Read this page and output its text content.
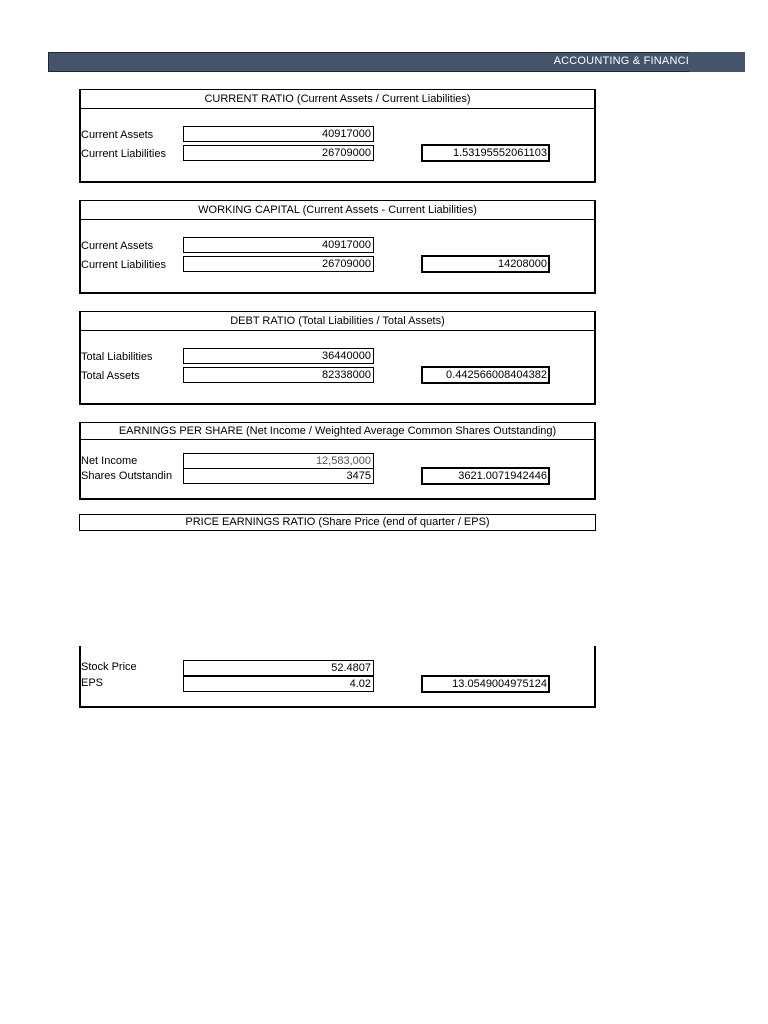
ACCOUNTING & FINANCI
CURRENT RATIO (Current Assets / Current Liabilities)
Current Assets	40917000
Current Liabilities	26709000	1.53195552061103
WORKING CAPITAL (Current Assets - Current Liabilities)
Current Assets	40917000
Current Liabilities	26709000	14208000
DEBT RATIO (Total Liabilities / Total Assets)
Total Liabilities	36440000
Total Assets	82338000	0.442566008404382
EARNINGS PER SHARE (Net Income / Weighted Average Common Shares Outstanding)
Net Income	12,583,000
Shares Outstandin	3475	3621.0071942446
PRICE EARNINGS RATIO (Share Price (end of quarter / EPS)
Stock Price	52.4807
EPS	4.02	13.0549004975124
